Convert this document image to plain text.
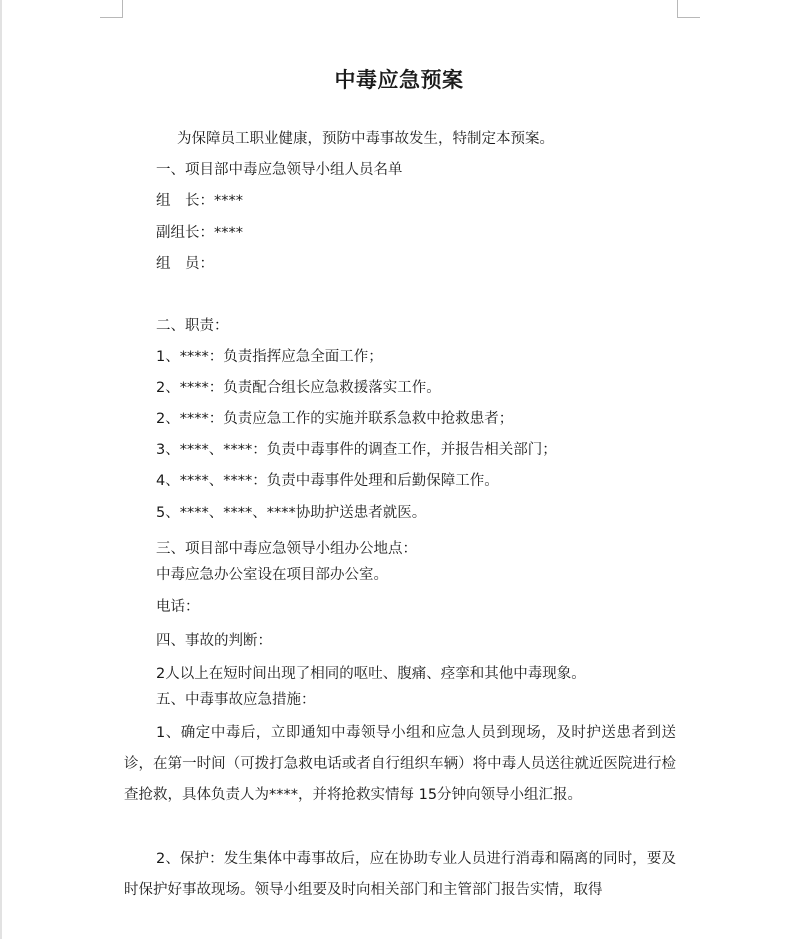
中毒应急预案
为保障员工职业健康，预防中毒事故发生，特制定本预案。
一、项目部中毒应急领导小组人员名单
组　长：****
副组长：****
组　员：
二、职责：
1、****：负责指挥应急全面工作；
2、****：负责配合组长应急救援落实工作。
2、****：负责应急工作的实施并联系急救中抢救患者；
3、****、****：负责中毒事件的调查工作，并报告相关部门；
4、****、****：负责中毒事件处理和后勤保障工作。
5、****、****、****协助护送患者就医。
三、项目部中毒应急领导小组办公地点：
中毒应急办公室设在项目部办公室。
电话：
四、事故的判断：
2人以上在短时间出现了相同的呕吐、腹痛、痉挛和其他中毒现象。
五、中毒事故应急措施：
1、确定中毒后，立即通知中毒领导小组和应急人员到现场，及时护送患者到送诊，在第一时间（可拨打急救电话或者自行组织车辆）将中毒人员送往就近医院进行检查抢救，具体负责人为****，并将抢救实情每 15分钟向领导小组汇报。
2、保护：发生集体中毒事故后，应在协助专业人员进行消毒和隔离的同时，要及时保护好事故现场。领导小组要及时向相关部门和主管部门报告实情，取得
